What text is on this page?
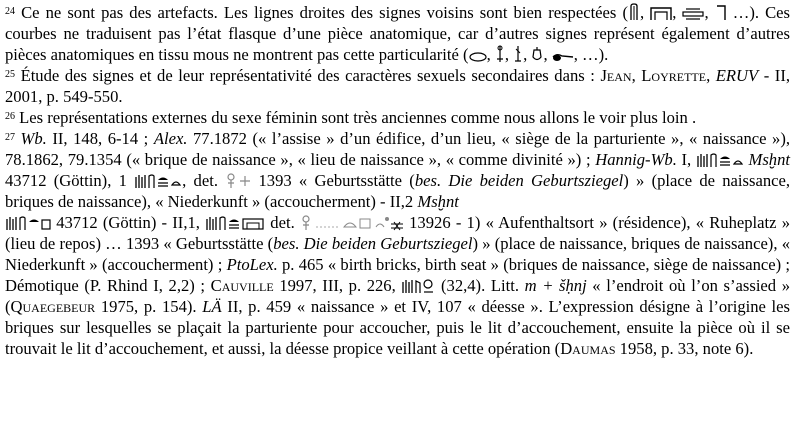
$^{24}$ Ce ne sont pas des artefacts. Les lignes droites des signes voisins sont bien respectées ( ,
,
,
…). Ces courbes ne traduisent pas l’état flasque d’une pièce anatomique, car d’autres signes représent également d’autres pièces anatomiques en tissu mous ne montrent pas cette particularité ( ,
,
,
,
, …).

$^{25}$ Étude des signes et de leur représentativité des caractères sexuels secondaires dans : Jean, Loyrette, ERUV - II, 2001, p. 549-550.

$^{26}$ Les représentations externes du sexe féminin sont très anciennes comme nous allons le voir plus loin .

$^{27}$ Wb. II, 148, 6-14 ; Alex. 77.1872 (« l’assise » d’un édifice, d’un lieu, « siège de la parturiente », « naissance »), 78.1862, 79.1354 (« brique de naissance », « lieu de naissance », « comme divinité ») ; Hannig-Wb. I,	Msḫnt 43712 (Göttin), 1	, det.
1393 « Geburtsstätte (bes. Die beiden Geburtsziegel) » (place de naissance, briques de naissance), « Niederkunft » (accoucherment) - II,2 Msḫnt

43712 (Göttin) - II,1,	det.	13926 - 1) « Aufenthaltsort » (résidence), « Ruheplatz » (lieu de repos) … 1393 « Geburtsstätte (bes. Die beiden Geburtsziegel) » (place de naissance, briques de naissance), « Niederkunft » (accoucherment) ; PtoLex. p. 465 « birth bricks, birth seat » (briques de naissance, siège de naissance) ; Démotique (P. Rhind I, 2,2) ; Cauville 1997, III, p. 226,
(32,4). Litt. m + šḥnj « l’endroit où l’on s’assied » (Quaegebeur 1975, p. 154). LÄ II, p. 459 « naissance » et IV, 107 « déesse ». L’expression désigne à l’origine les briques sur lesquelles se plaçait la parturiente pour accoucher, puis le lit d’accouchement, ensuite la pièce où il se trouvait le lit d’accouchement, et aussi, la déesse propice veillant à cette opération (Daumas 1958, p. 33, note 6).
